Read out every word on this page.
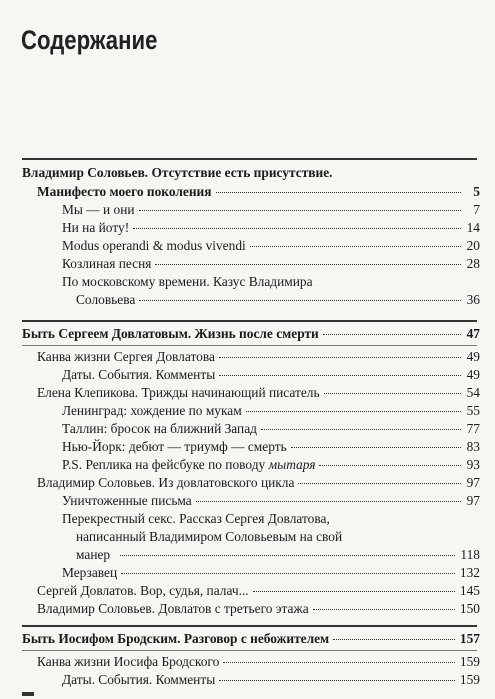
Содержание
Владимир Соловьев. Отсутствие есть присутствие.
Манифесто моего поколения	5
Мы — и они	7
Ни на йоту!	14
Modus operandi & modus vivendi	20
Козлиная песня	28
По московскому времени. Казус Владимира
Соловьева	36
Быть Сергеем Довлатовым. Жизнь после смерти	47
Канва жизни Сергея Довлатова	49
Даты. События. Комменты	49
Елена Клепикова. Трижды начинающий писатель	54
Ленинград: хождение по мукам	55
Таллин: бросок на ближний Запад	77
Нью-Йорк: дебют — триумф — смерть	83
P.S. Реплика на фейсбуке по поводу мытаря	93
Владимир Соловьев. Из довлатовского цикла	97
Уничтоженные письма	97
Перекрестный секс. Рассказ Сергея Довлатова,
написанный Владимиром Соловьевым на свой
манер	118
Мерзавец	132
Сергей Довлатов. Вор, судья, палач...	145
Владимир Соловьев. Довлатов с третьего этажа	150
Быть Иосифом Бродским. Разговор с небожителем	157
Канва жизни Иосифа Бродского	159
Даты. События. Комменты	159
